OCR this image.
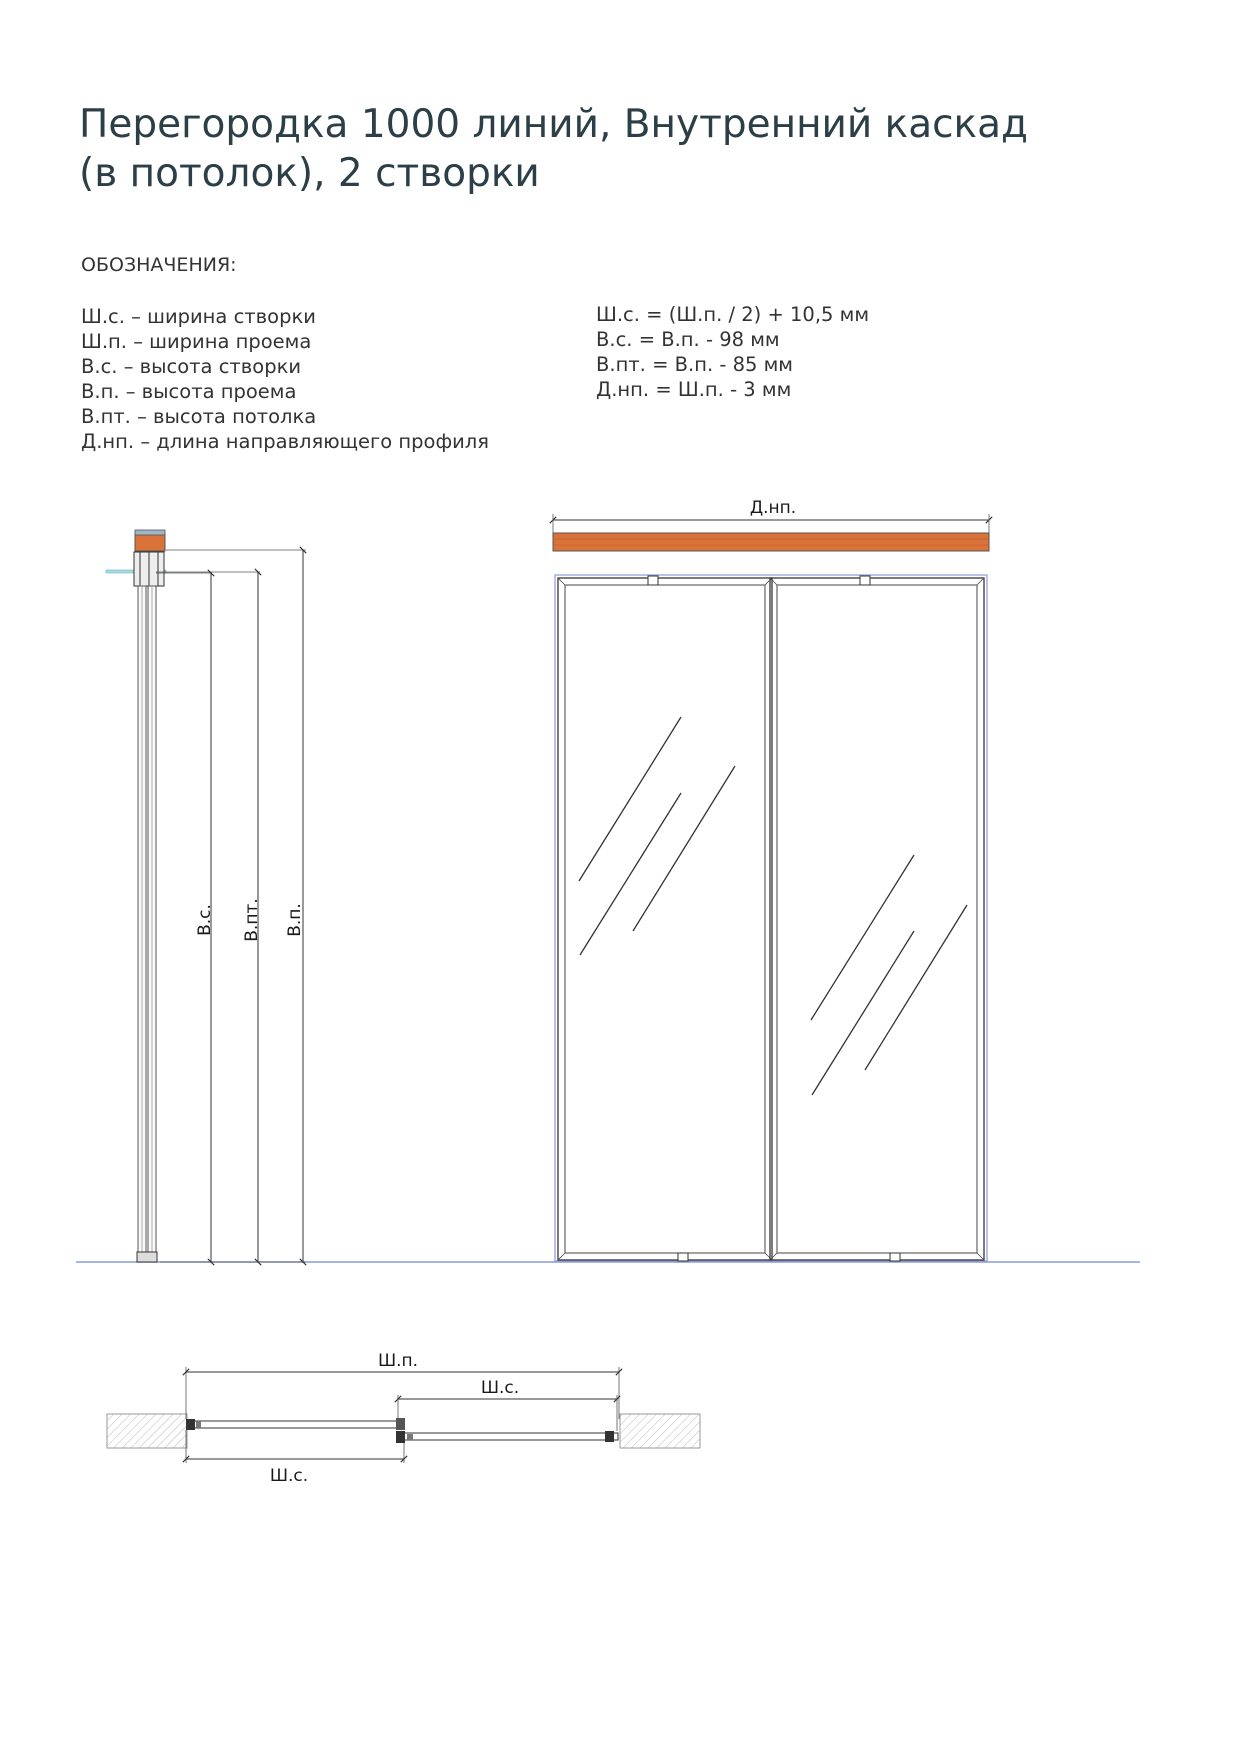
Перегородка 1000 линий, Внутренний каскад
(в потолок), 2 створки
ОБОЗНАЧЕНИЯ:
Ш.с. – ширина створки
Ш.п. – ширина проема
В.с. – высота створки
В.п. – высота проема
В.пт. – высота потолка
Д.нп. – длина направляющего профиля
Ш.с. = (Ш.п. / 2) + 10,5 мм
В.с. = В.п. - 98 мм
В.пт. = В.п. - 85 мм
Д.нп. = Ш.п. - 3 мм
В.с. В.пт. В.п.
Д.нп.
Ш.п.
Ш.с.
Ш.с.
